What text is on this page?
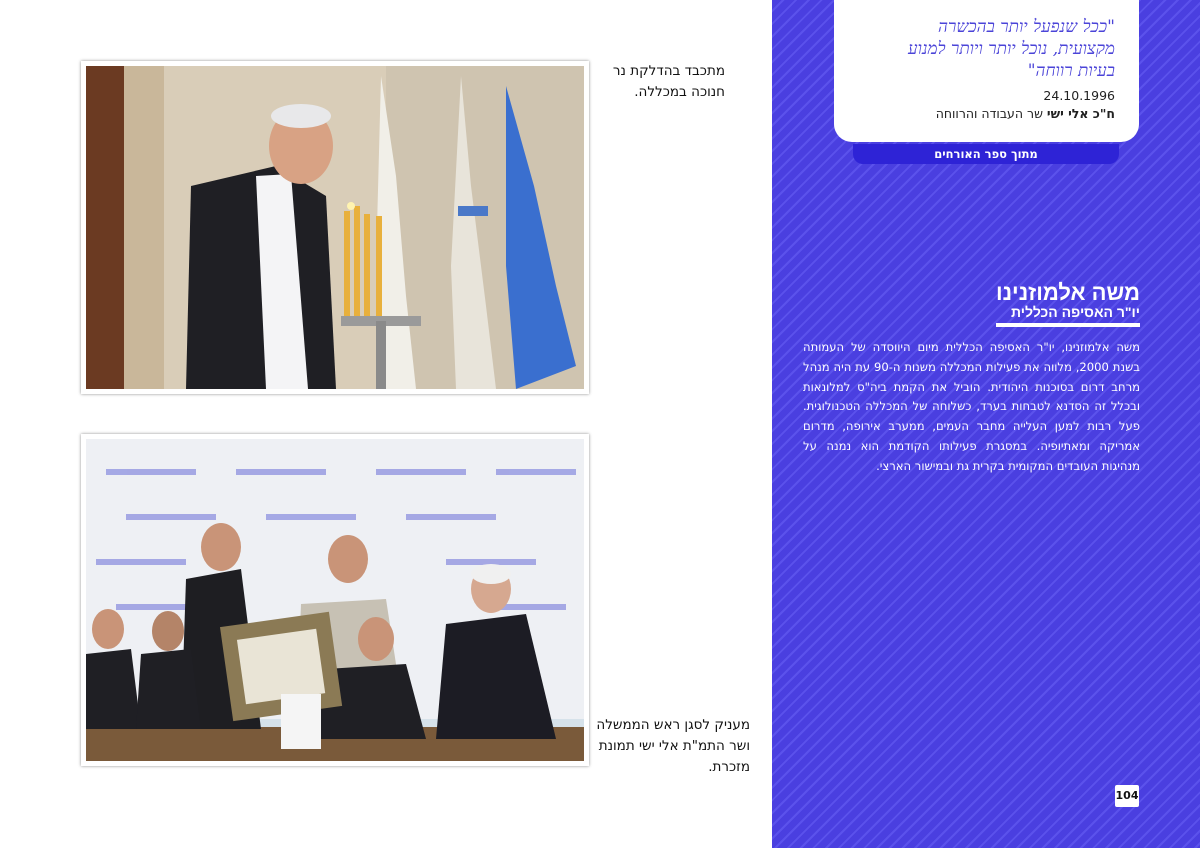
"ככל שנפעל יותר בהכשרה
מקצועית, נוכל יותר ויותר למנוע
בעיות רווחה"
24.10.1996
ח"כ אלי ישי שר העבודה והרווחה
מתוך ספר האורחים
משה אלמוזנינו
יו"ר האסיפה הכללית
משה אלמוזנינו, יו"ר האסיפה הכללית מיום היווסדה של העמותה בשנת 2000, מלווה את פעילות המכללה משנות ה-90 עת היה מנהל מרחב דרום בסוכנות היהודית. הוביל את הקמת ביה"ס למלונאות ובכלל זה הסדנא לטבחות בערד, כשלוחה של המכללה הטכנולוגית. פעל רבות למען העלייה מחבר העמים, ממערב אירופה, מדרום אמריקה ומאתיופיה. במסגרת פעילותו הקודמת הוא נמנה על מנהיגות העובדים המקומית בקרית גת ובמישור הארצי.
104
מתכבד בהדלקת נר חנוכה במכללה.
מעניק לסגן ראש הממשלה ושר התמ"ת אלי ישי תמונת מזכרת.
